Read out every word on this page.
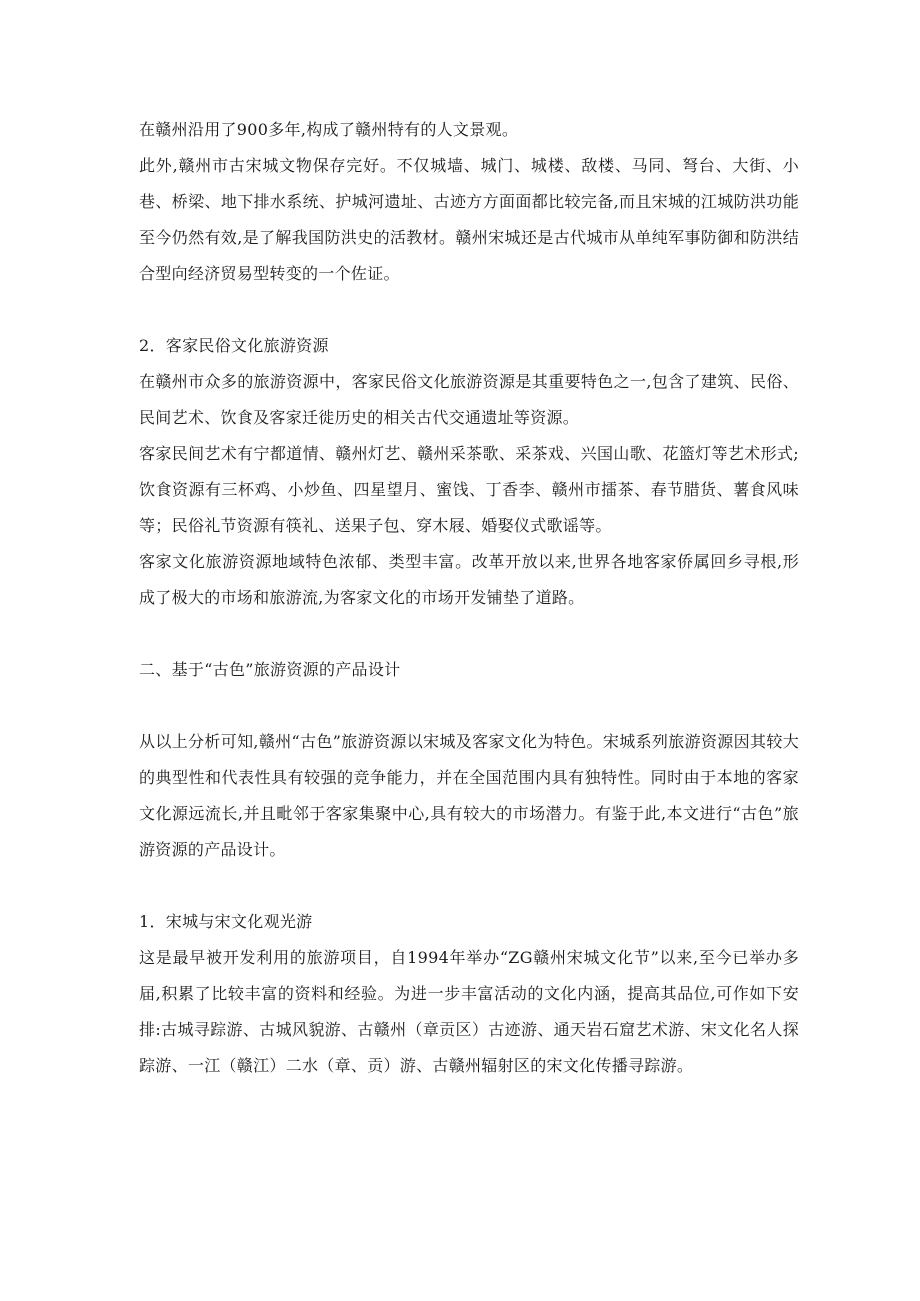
在赣州沿用了900多年,构成了赣州特有的人文景观。

此外,赣州市古宋城文物保存完好。不仅城墙、城门、城楼、敌楼、马同、弩台、大街、小巷、桥梁、地下排水系统、护城河遗址、古迹方方面面都比较完备,而且宋城的江城防洪功能至今仍然有效,是了解我国防洪史的活教材。赣州宋城还是古代城市从单纯军事防御和防洪结合型向经济贸易型转变的一个佐证。

2．客家民俗文化旅游资源

在赣州市众多的旅游资源中，客家民俗文化旅游资源是其重要特色之一,包含了建筑、民俗、民间艺术、饮食及客家迁徙历史的相关古代交通遗址等资源。

客家民间艺术有宁都道情、赣州灯艺、赣州采茶歌、采茶戏、兴国山歌、花篮灯等艺术形式;饮食资源有三杯鸡、小炒鱼、四星望月、蜜饯、丁香李、赣州市擂茶、春节腊货、薯食风味等；民俗礼节资源有筷礼、送果子包、穿木屐、婚娶仪式歌谣等。

客家文化旅游资源地域特色浓郁、类型丰富。改革开放以来,世界各地客家侨属回乡寻根,形成了极大的市场和旅游流,为客家文化的市场开发铺垫了道路。

二、基于“古色”旅游资源的产品设计

从以上分析可知,赣州“古色”旅游资源以宋城及客家文化为特色。宋城系列旅游资源因其较大的典型性和代表性具有较强的竞争能力，并在全国范围内具有独特性。同时由于本地的客家文化源远流长,并且毗邻于客家集聚中心,具有较大的市场潜力。有鉴于此,本文进行“古色”旅游资源的产品设计。

1．宋城与宋文化观光游

这是最早被开发利用的旅游项目，自1994年举办“ZG赣州宋城文化节”以来,至今已举办多届,积累了比较丰富的资料和经验。为进一步丰富活动的文化内涵，提高其品位,可作如下安排:古城寻踪游、古城风貌游、古赣州（章贡区）古迹游、通天岩石窟艺术游、宋文化名人探踪游、一江（赣江）二水（章、贡）游、古赣州辐射区的宋文化传播寻踪游。
